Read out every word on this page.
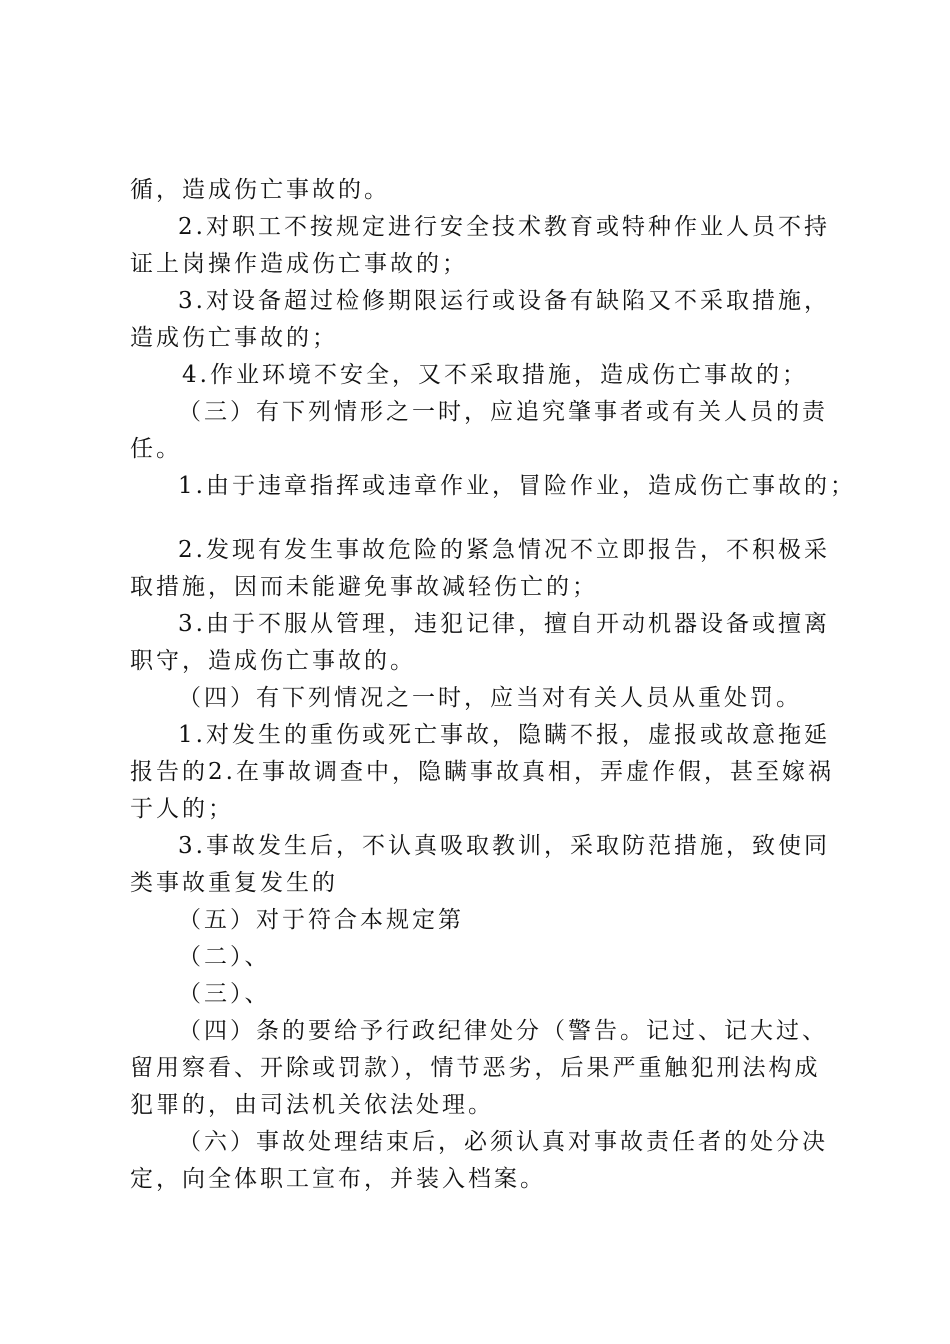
循，造成伤亡事故的。

2.对职工不按规定进行安全技术教育或特种作业人员不持

证上岗操作造成伤亡事故的；

3.对设备超过检修期限运行或设备有缺陷又不采取措施，

造成伤亡事故的；

4.作业环境不安全，又不采取措施，造成伤亡事故的；

（三）有下列情形之一时，应追究肇事者或有关人员的责

任。

1.由于违章指挥或违章作业，冒险作业，造成伤亡事故的；

2.发现有发生事故危险的紧急情况不立即报告，不积极采

取措施，因而未能避免事故减轻伤亡的；

3.由于不服从管理，违犯记律，擅自开动机器设备或擅离

职守，造成伤亡事故的。

（四）有下列情况之一时，应当对有关人员从重处罚。

1.对发生的重伤或死亡事故，隐瞒不报，虚报或故意拖延

报告的2.在事故调查中，隐瞒事故真相，弄虚作假，甚至嫁祸

于人的；

3.事故发生后，不认真吸取教训，采取防范措施，致使同

类事故重复发生的

（五）对于符合本规定第

（二）、

（三）、

（四）条的要给予行政纪律处分（警告。记过、记大过、

留用察看、开除或罚款），情节恶劣，后果严重触犯刑法构成

犯罪的，由司法机关依法处理。

（六）事故处理结束后，必须认真对事故责任者的处分决

定，向全体职工宣布，并装入档案。
